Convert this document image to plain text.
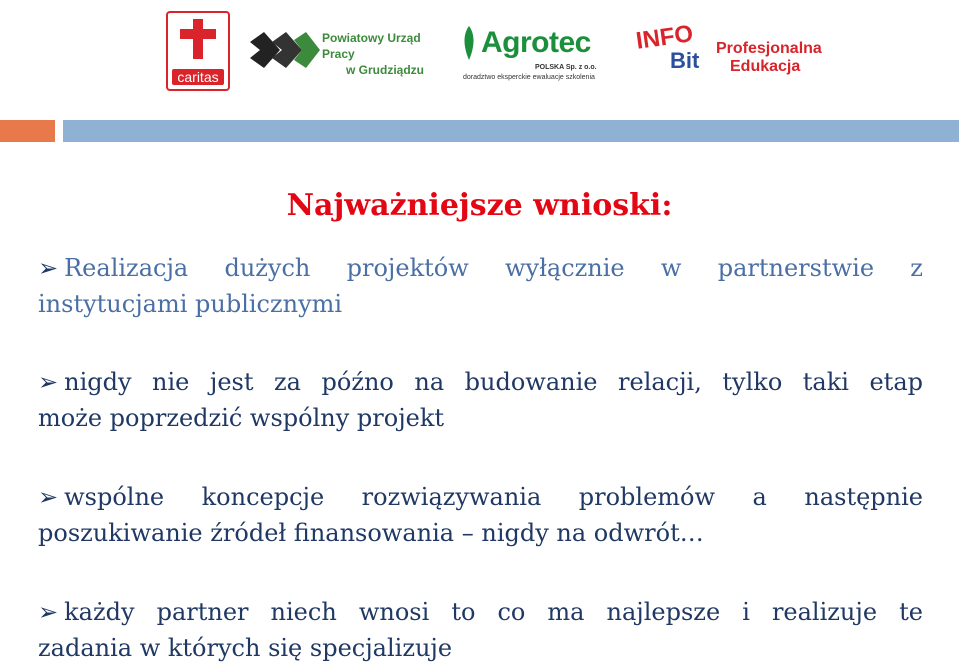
caritas
Powiatowy Urząd Pracy
w Grudziądzu
Agrotec
POLSKA Sp. z o.o.
doradztwo eksperckie ewaluacje szkolenia
INFO
Bit Profesjonalna
Edukacja
Najważniejsze wnioski:
➢ Realizacja dużych projektów wyłącznie w partnerstwie z
instytucjami publicznymi
➢ nigdy nie jest za późno na budowanie relacji, tylko taki etap
może poprzedzić wspólny projekt
➢ wspólne koncepcje rozwiązywania problemów a następnie
poszukiwanie źródeł finansowania – nigdy na odwrót…
➢ każdy partner niech wnosi to co ma najlepsze i realizuje te
zadania w których się specjalizuje
